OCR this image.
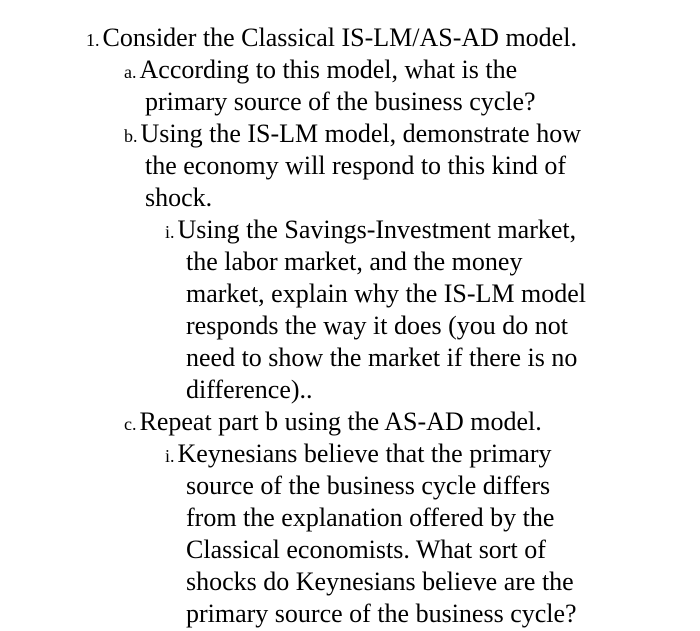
1. Consider the Classical IS-LM/AS-AD model.
a. According to this model, what is the
primary source of the business cycle?
b. Using the IS-LM model, demonstrate how
the economy will respond to this kind of
shock.
i. Using the Savings-Investment market,
the labor market, and the money
market, explain why the IS-LM model
responds the way it does (you do not
need to show the market if there is no
difference)..
c. Repeat part b using the AS-AD model.
i. Keynesians believe that the primary
source of the business cycle differs
from the explanation offered by the
Classical economists. What sort of
shocks do Keynesians believe are the
primary source of the business cycle?
